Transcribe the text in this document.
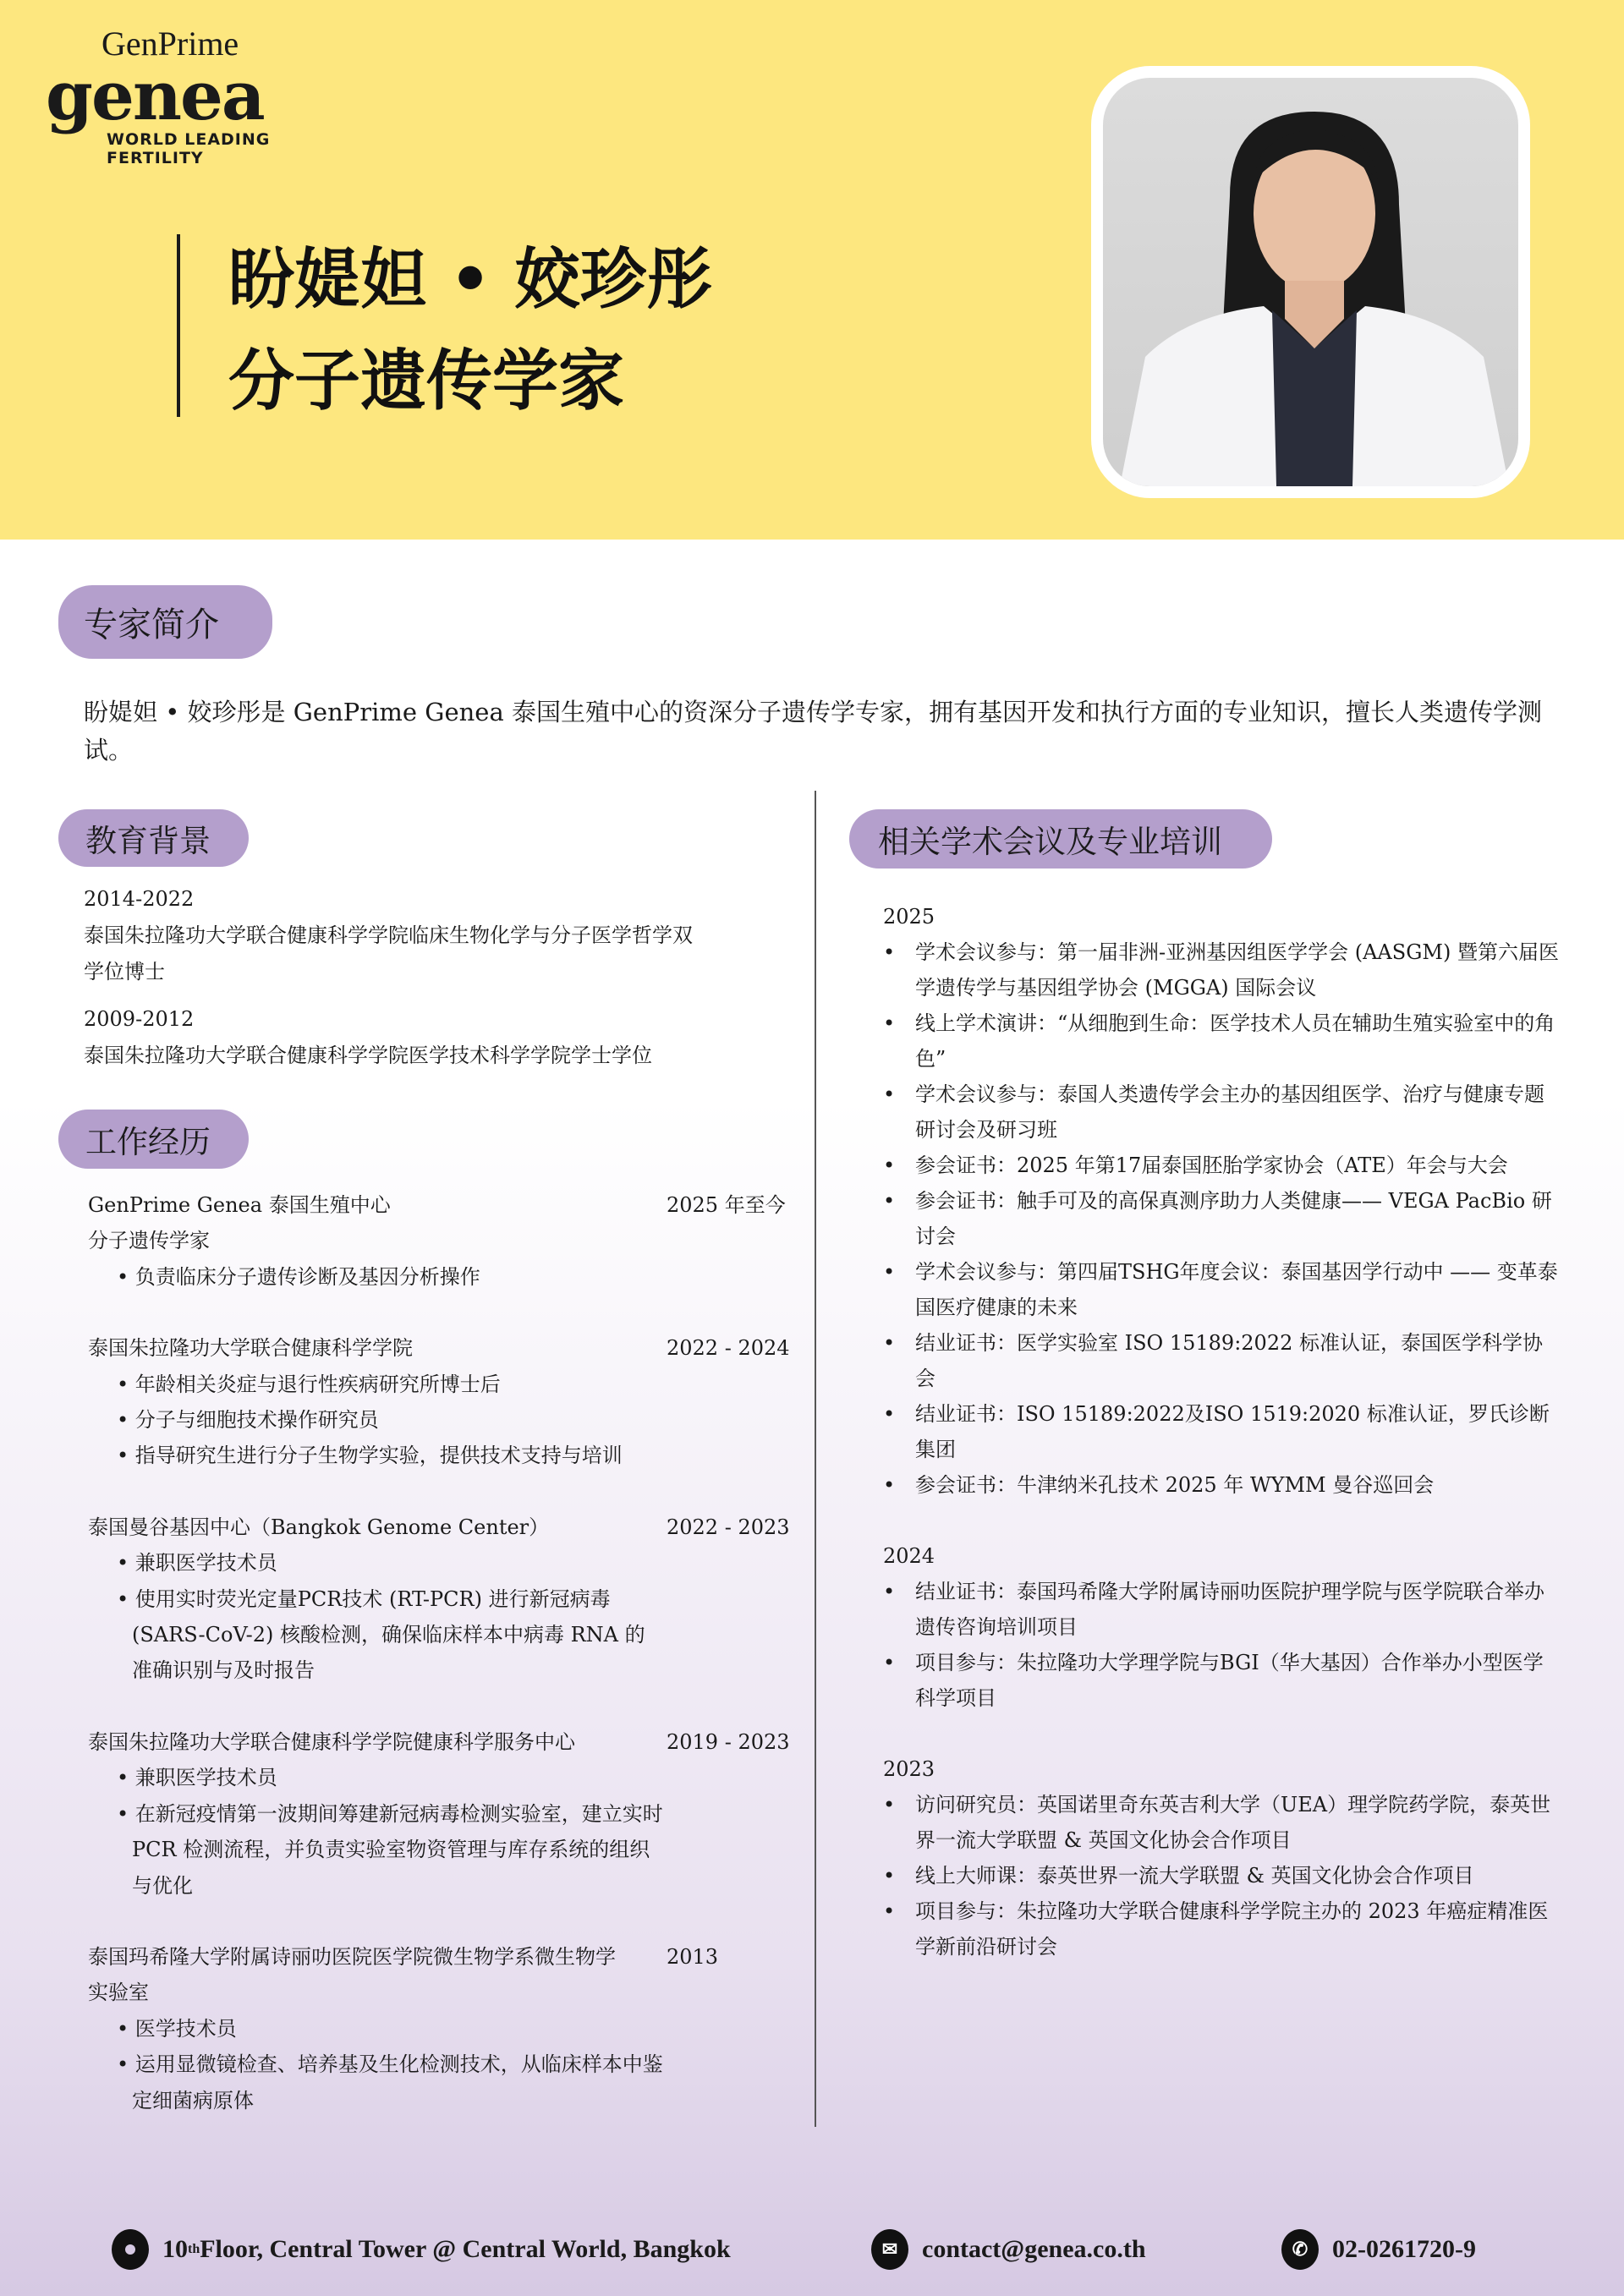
GenPrime
genea
WORLD LEADING
FERTILITY
盼媞妲 • 姣珍彤
分子遗传学家
专家简介
盼媞妲 • 姣珍彤是 GenPrime Genea 泰国生殖中心的资深分子遗传学专家，拥有基因开发和执行方面的专业知识，擅长人类遗传学测试。
教育背景
2014-2022
泰国朱拉隆功大学联合健康科学学院临床生物化学与分子医学哲学双学位博士
2009-2012
泰国朱拉隆功大学联合健康科学学院医学技术科学学院学士学位
工作经历
2025 年至今
GenPrime Genea 泰国生殖中心
分子遗传学家
• 负责临床分子遗传诊断及基因分析操作
2022 - 2024
泰国朱拉隆功大学联合健康科学学院
• 年龄相关炎症与退行性疾病研究所博士后
• 分子与细胞技术操作研究员
• 指导研究生进行分子生物学实验，提供技术支持与培训
2022 - 2023
泰国曼谷基因中心（Bangkok Genome Center）
• 兼职医学技术员
• 使用实时荧光定量PCR技术 (RT-PCR) 进行新冠病毒 (SARS-CoV-2) 核酸检测，确保临床样本中病毒 RNA 的准确识别与及时报告
2019 - 2023
泰国朱拉隆功大学联合健康科学学院健康科学服务中心
• 兼职医学技术员
• 在新冠疫情第一波期间筹建新冠病毒检测实验室，建立实时 PCR 检测流程，并负责实验室物资管理与库存系统的组织与优化
2013
泰国玛希隆大学附属诗丽叻医院医学院微生物学系微生物学实验室
• 医学技术员
• 运用显微镜检查、培养基及生化检测技术，从临床样本中鉴定细菌病原体
相关学术会议及专业培训
2025
• 学术会议参与：第一届非洲-亚洲基因组医学学会 (AASGM) 暨第六届医学遗传学与基因组学协会 (MGGA) 国际会议
• 线上学术演讲：“从细胞到生命：医学技术人员在辅助生殖实验室中的角色”
• 学术会议参与：泰国人类遗传学会主办的基因组医学、治疗与健康专题研讨会及研习班
• 参会证书：2025 年第17届泰国胚胎学家协会（ATE）年会与大会
• 参会证书：触手可及的高保真测序助力人类健康—— VEGA PacBio 研讨会
• 学术会议参与：第四届TSHG年度会议：泰国基因学行动中 —— 变革泰国医疗健康的未来
• 结业证书：医学实验室 ISO 15189:2022 标准认证，泰国医学科学协会
• 结业证书：ISO 15189:2022及ISO 1519:2020 标准认证，罗氏诊断集团
• 参会证书：牛津纳米孔技术 2025 年 WYMM 曼谷巡回会
2024
• 结业证书：泰国玛希隆大学附属诗丽叻医院护理学院与医学院联合举办遗传咨询培训项目
• 项目参与：朱拉隆功大学理学院与BGI（华大基因）合作举办小型医学科学项目
2023
• 访问研究员：英国诺里奇东英吉利大学（UEA）理学院药学院，泰英世界一流大学联盟 & 英国文化协会合作项目
• 线上大师课：泰英世界一流大学联盟 & 英国文化协会合作项目
• 项目参与：朱拉隆功大学联合健康科学学院主办的 2023 年癌症精准医学新前沿研讨会
10 th Floor, Central Tower @ Central World, Bangkok	✉ contact@genea.co.th	✆ 02-0261720-9
